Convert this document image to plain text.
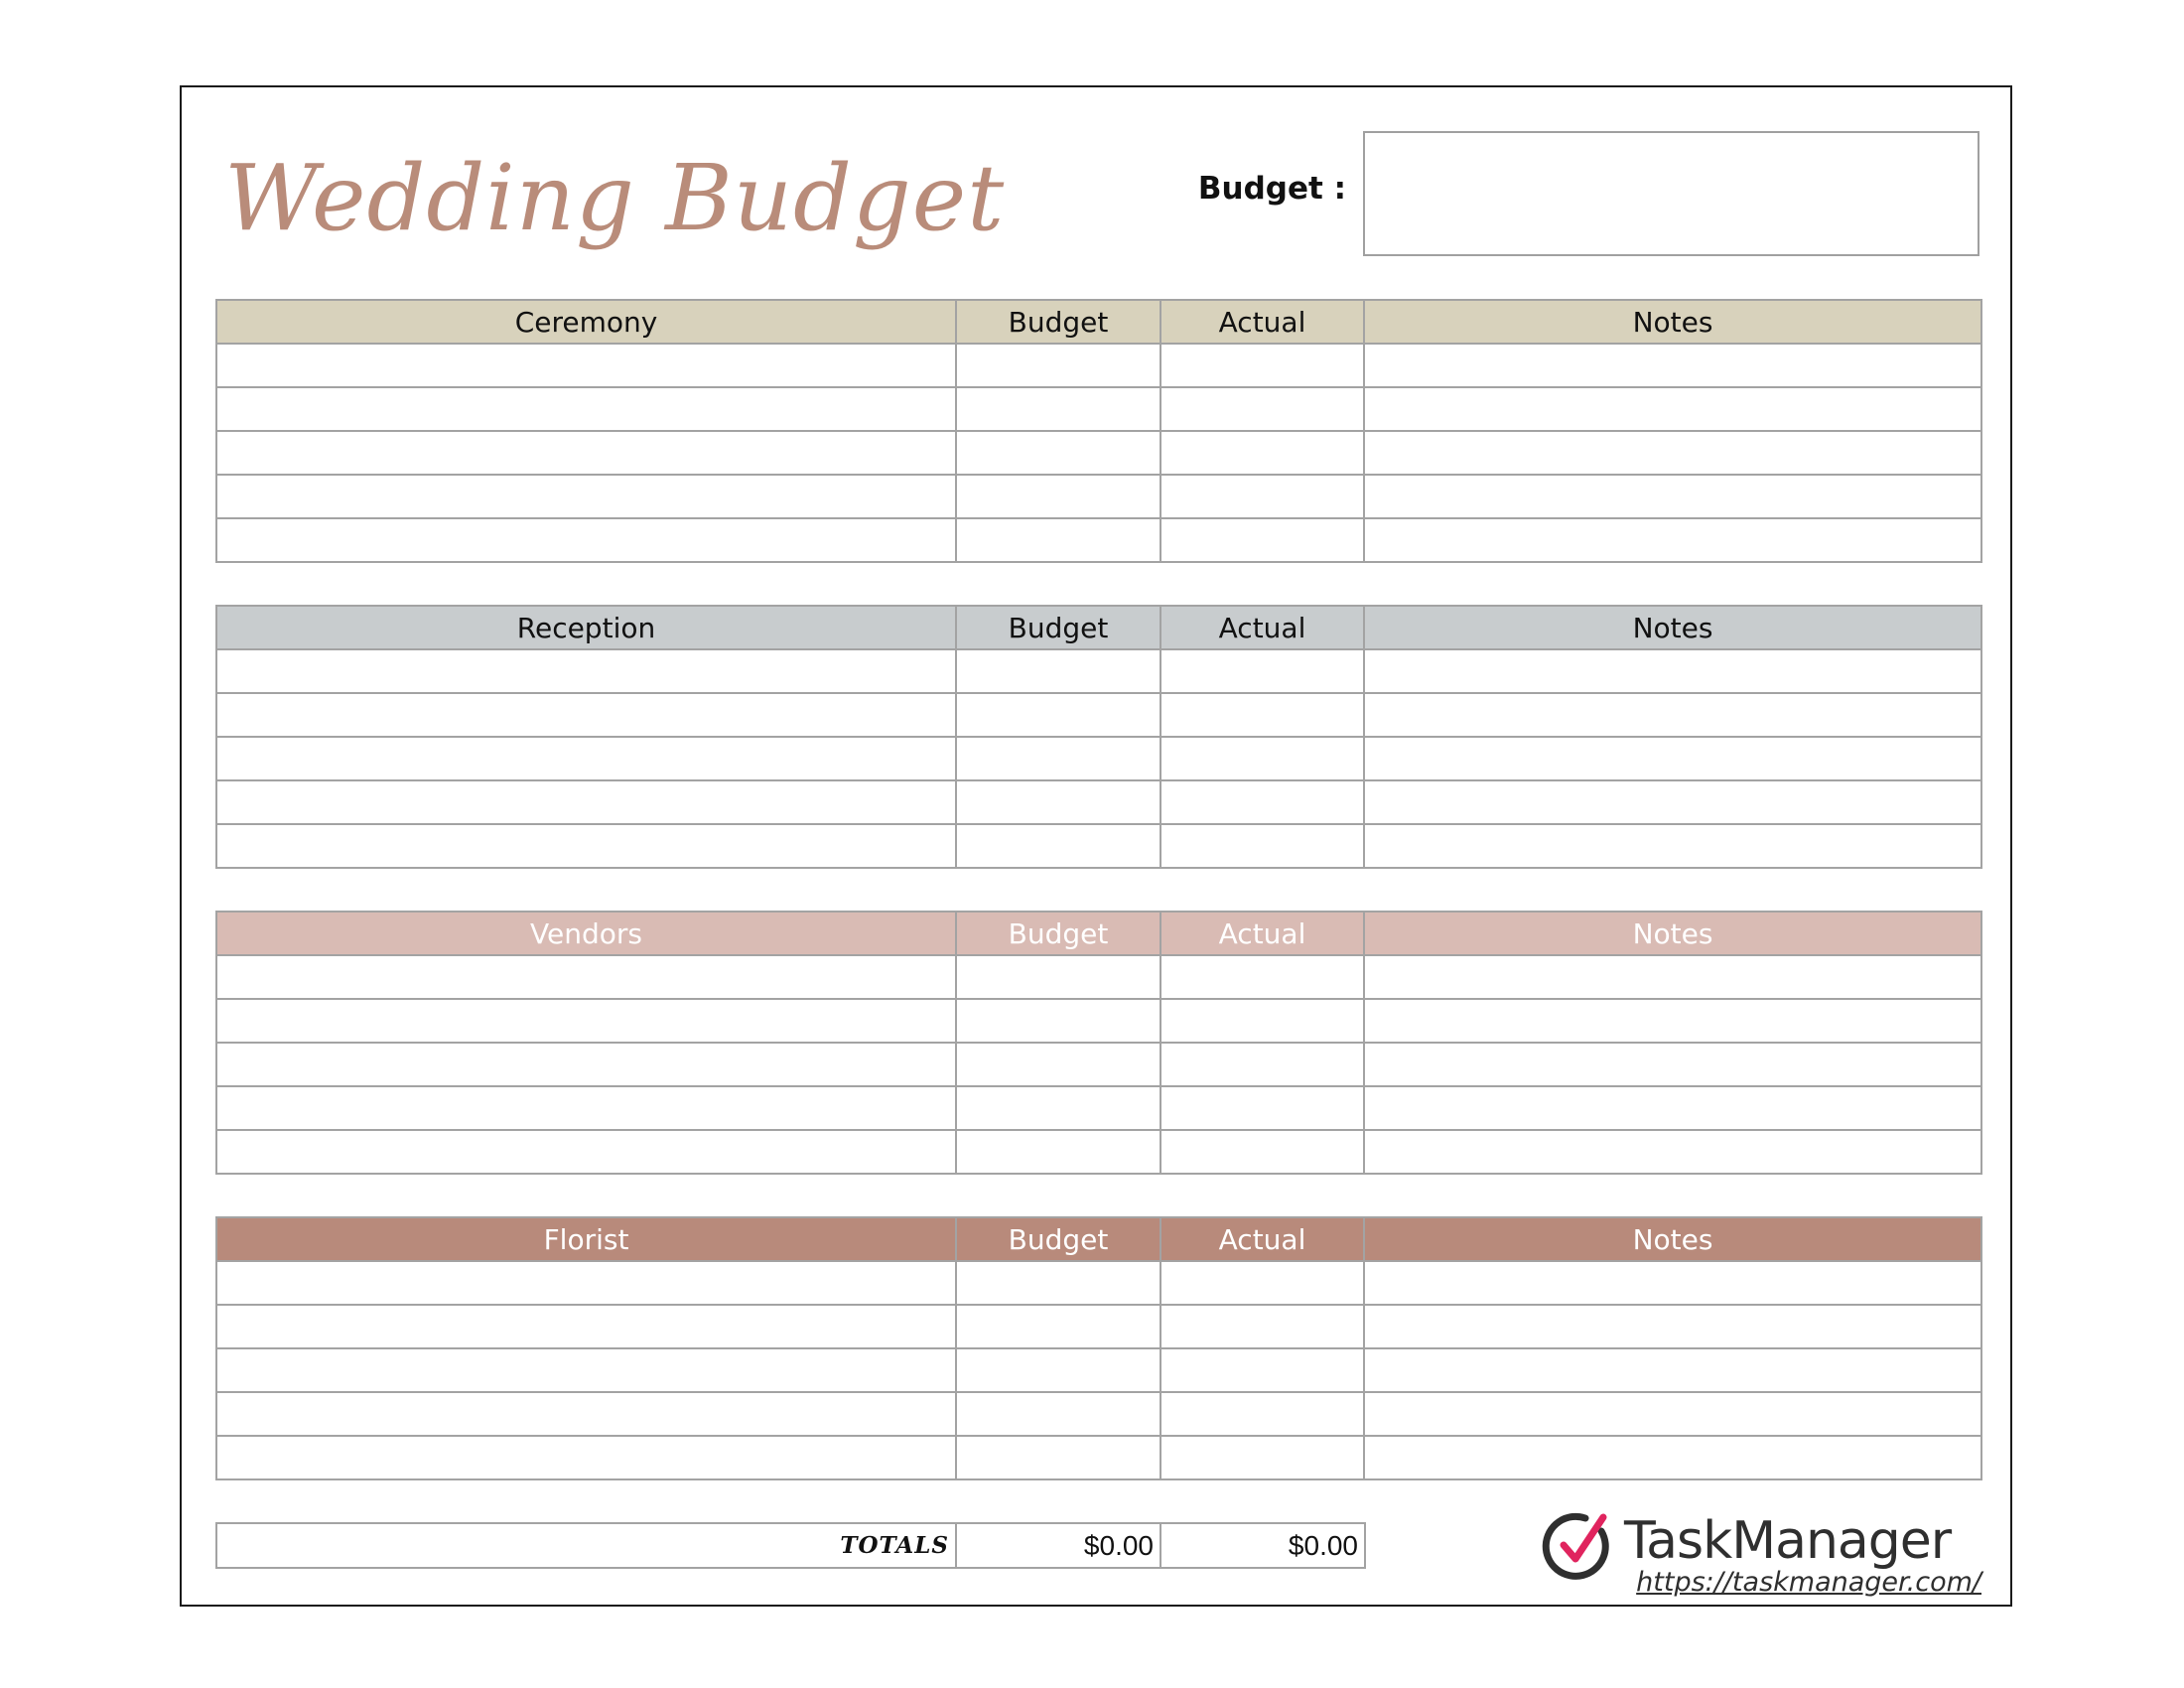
Wedding Budget	Budget :
Ceremony	Budget	Actual	Notes

Reception	Budget	Actual	Notes

Vendors	Budget	Actual	Notes

Florist	Budget	Actual	Notes

TOTALS	$0.00	$0.00	TaskManager
https://taskmanager.com/
